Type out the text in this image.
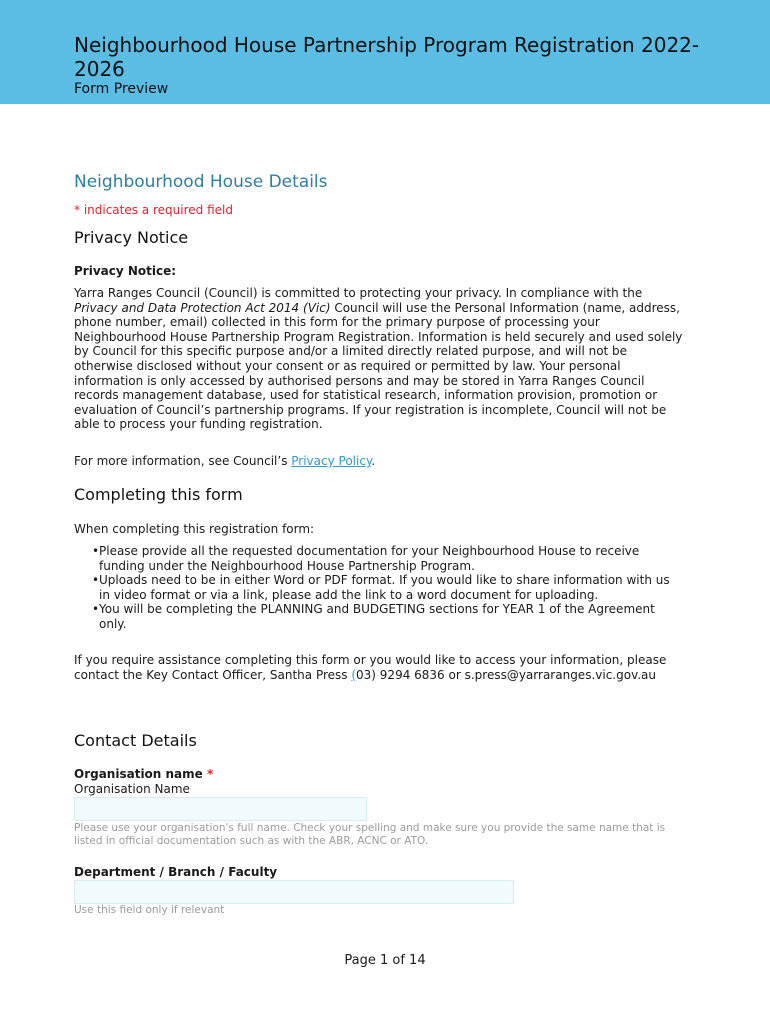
Neighbourhood House Partnership Program Registration 2022-2026
Form Preview
Neighbourhood House Details
* indicates a required field
Privacy Notice
Privacy Notice:
Yarra Ranges Council (Council) is committed to protecting your privacy. In compliance with the Privacy and Data Protection Act 2014 (Vic) Council will use the Personal Information (name, address, phone number, email) collected in this form for the primary purpose of processing your Neighbourhood House Partnership Program Registration. Information is held securely and used solely by Council for this specific purpose and/or a limited directly related purpose, and will not be otherwise disclosed without your consent or as required or permitted by law. Your personal information is only accessed by authorised persons and may be stored in Yarra Ranges Council records management database, used for statistical research, information provision, promotion or evaluation of Council’s partnership programs. If your registration is incomplete, Council will not be able to process your funding registration.
For more information, see Council’s Privacy Policy.
Completing this form
When completing this registration form:
• Please provide all the requested documentation for your Neighbourhood House to receive funding under the Neighbourhood House Partnership Program.
• Uploads need to be in either Word or PDF format. If you would like to share information with us in video format or via a link, please add the link to a word document for uploading.
• You will be completing the PLANNING and BUDGETING sections for YEAR 1 of the Agreement only.
If you require assistance completing this form or you would like to access your information, please contact the Key Contact Officer, Santha Press (03) 9294 6836 or s.press@yarraranges.vic.gov.au
Contact Details
Organisation name *
Organisation Name
Please use your organisation's full name. Check your spelling and make sure you provide the same name that is listed in official documentation such as with the ABR, ACNC or ATO.
Department / Branch / Faculty
Use this field only if relevant
Page 1 of 14
